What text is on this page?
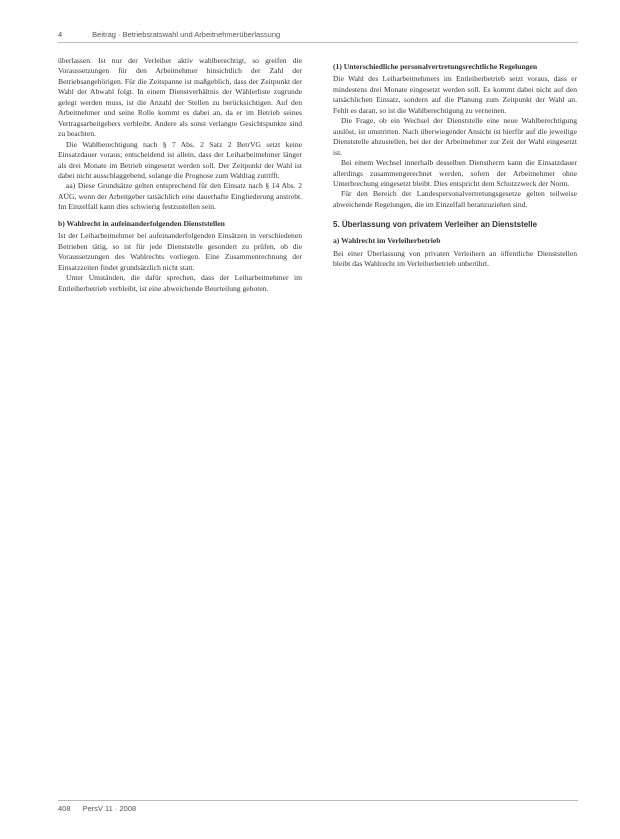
4	Beitrag · Betriebsratswahl und Arbeitnehmerüberlassung

überlassen. Ist nur der Verleiher aktiv wahlberechtigt, so greifen die Voraussetzungen für den Arbeitnehmer hinsichtlich der Zahl der Betriebsangehörigen. Für die Zeitspanne ist maßgeblich, dass der Zeitpunkt der Wahl der Abwahl folgt. In einem Dienstverhältnis der Wählerliste zugrunde gelegt werden muss, ist die Anzahl der Stellen zu berücksichtigen. Auf den Arbeitnehmer und seine Rolle kommt es dabei an, da er im Betrieb seines Vertragsarbeitgebers verbleibt. Andere als sonst verlangte Gesichtspunkte sind zu beachten.

Die Wahlberechtigung nach § 7 Abs. 2 Satz 2 BetrVG setzt keine Einsatzdauer voraus; entscheidend ist allein, dass der Leiharbeitnehmer länger als drei Monate im Betrieb eingesetzt werden soll. Der Zeitpunkt der Wahl ist dabei nicht ausschlaggebend, solange die Prognose zum Wahltag zutrifft.

aa) Diese Grundsätze gelten entsprechend für den Einsatz nach § 14 Abs. 2 AÜG, wenn der Arbeitgeber tatsächlich eine dauerhafte Eingliederung anstrebt. Im Einzelfall kann dies schwierig festzustellen sein.

b) Wahlrecht in aufeinanderfolgenden Dienststellen

Ist der Leiharbeitnehmer bei aufeinanderfolgenden Einsätzen in verschiedenen Betrieben tätig, so ist für jede Dienststelle gesondert zu prüfen, ob die Voraussetzungen des Wahlrechts vorliegen. Eine Zusammenrechnung der Einsatzzeiten findet grundsätzlich nicht statt.

Unter Umständen, die dafür sprechen, dass der Leiharbeitnehmer im Entleiherbetrieb verbleibt, ist eine abweichende Beurteilung geboten.

(1) Unterschiedliche personalvertretungsrechtliche Regelungen

Die Wahl des Leiharbeitnehmers im Entleiherbetrieb setzt voraus, dass er mindestens drei Monate eingesetzt werden soll. Es kommt dabei nicht auf den tatsächlichen Einsatz, sondern auf die Planung zum Zeitpunkt der Wahl an. Fehlt es daran, so ist die Wahlberechtigung zu verneinen.

Die Frage, ob ein Wechsel der Dienststelle eine neue Wahlberechtigung auslöst, ist umstritten. Nach überwiegender Ansicht ist hierfür auf die jeweilige Dienststelle abzustellen, bei der der Arbeitnehmer zur Zeit der Wahl eingesetzt ist.

Bei einem Wechsel innerhalb desselben Dienstherrn kann die Einsatzdauer allerdings zusammengerechnet werden, sofern der Arbeitnehmer ohne Unterbrechung eingesetzt bleibt. Dies entspricht dem Schutzzweck der Norm.

Für den Bereich der Landespersonalvertretungsgesetze gelten teilweise abweichende Regelungen, die im Einzelfall heranzuziehen sind.

5. Überlassung von privatem Verleiher an Dienststelle

a) Wahlrecht im Verleiherbetrieb

Bei einer Überlassung von privaten Verleihern an öffentliche Dienststellen bleibt das Wahlrecht im Verleiherbetrieb unberührt.

408 PersV 11 · 2008
